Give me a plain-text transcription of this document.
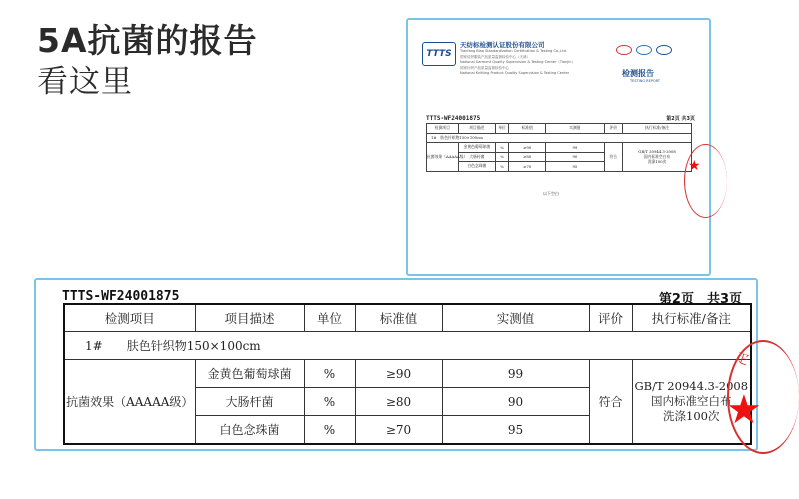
5A抗菌的报告
看这里
TTTS
天纺标检测认证股份有限公司
Tianfang Biao Standardization Certification & Testing Co.,Ltd.
国家纺织服装产品质量监督检验中心（天津）
National Garment Quality Supervision & Testing Center（Tianjin）
国家针织产品质量监督检验中心
National Knitting Product Quality Supervision & Testing Center	检测报告
TESTING REPORT
TTTS-WF24001875	第2页 共3页
检测项目	项目描述	单位	标准值	实测值	评价	执行标准/备注
1#　 肤色针织物150×100cm						
抗菌效果（AAAAA级）	金黄色葡萄球菌	%	≥90	99	符合	GB/T 20944.3-2008
国内标准空白布
洗涤100次
	大肠杆菌	%	≥80	90		
	白色念珠菌	%	≥70	95		
以下空白
★
TTTS-WF24001875	第2页　共3页
检测项目	项目描述	单位	标准值	实测值	评价	执行标准/备注
1#　　 肤色针织物150×100cm						
抗菌效果（AAAAA级）	金黄色葡萄球菌	%	≥90	99	符合	GB/T 20944.3-2008
国内标准空白布
洗涤100次
	大肠杆菌	%	≥80	90		
	白色念珠菌	%	≥70	95		
疋
★
